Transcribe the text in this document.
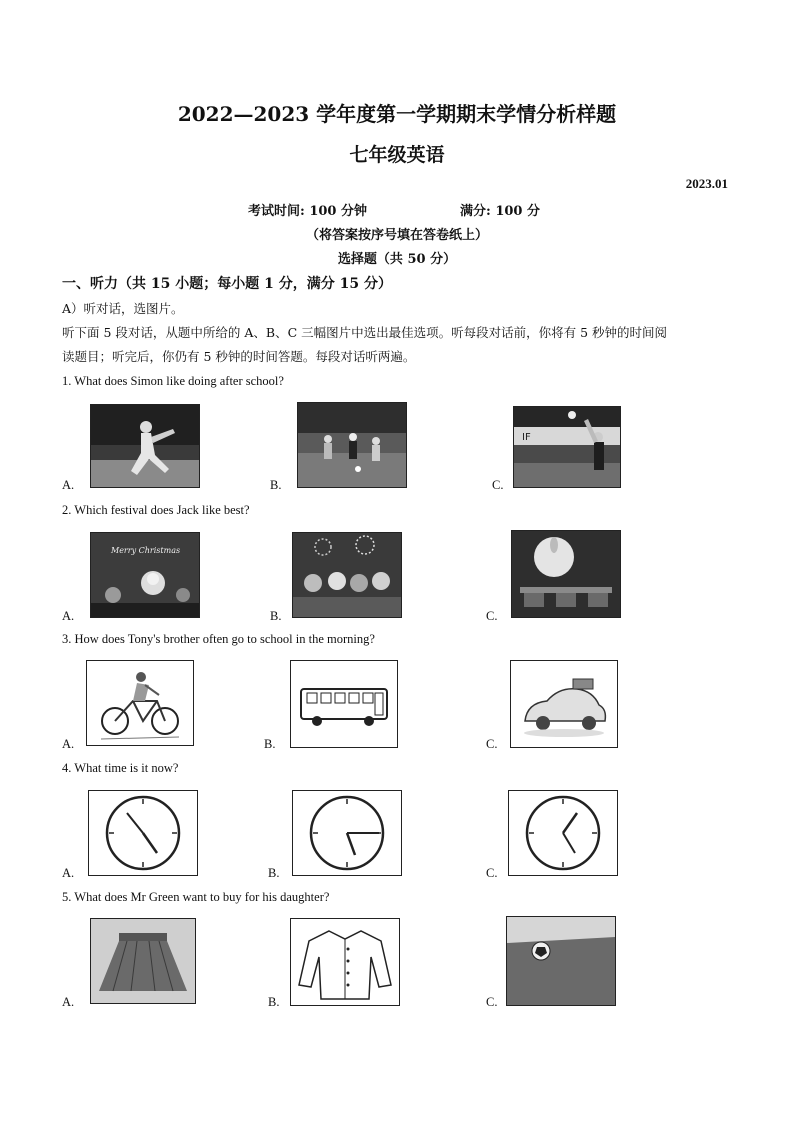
2022—2023 学年度第一学期期末学情分析样题
七年级英语
2023.01
考试时间: 100 分钟	满分: 100 分
（将答案按序号填在答卷纸上）
选择题（共 50 分）
一、听力（共 15 小题；每小题 1 分，满分 15 分）
A）听对话，选图片。
听下面 5 段对话，从题中所给的 A、B、C 三幅图片中选出最佳选项。听每段对话前，你将有 5 秒钟的时间阅
读题目；听完后，你仍有 5 秒钟的时间答题。每段对话听两遍。
1. What does Simon like doing after school?
A.	B.
IF
C.
2. Which festival does Jack like best?
Merry Christmas
A.	B.	C.
3. How does Tony's brother often go to school in the morning?
A.	B.	C.
4. What time is it now?
A.	B.	C.
5. What does Mr Green want to buy for his daughter?
A.	B.	C.
